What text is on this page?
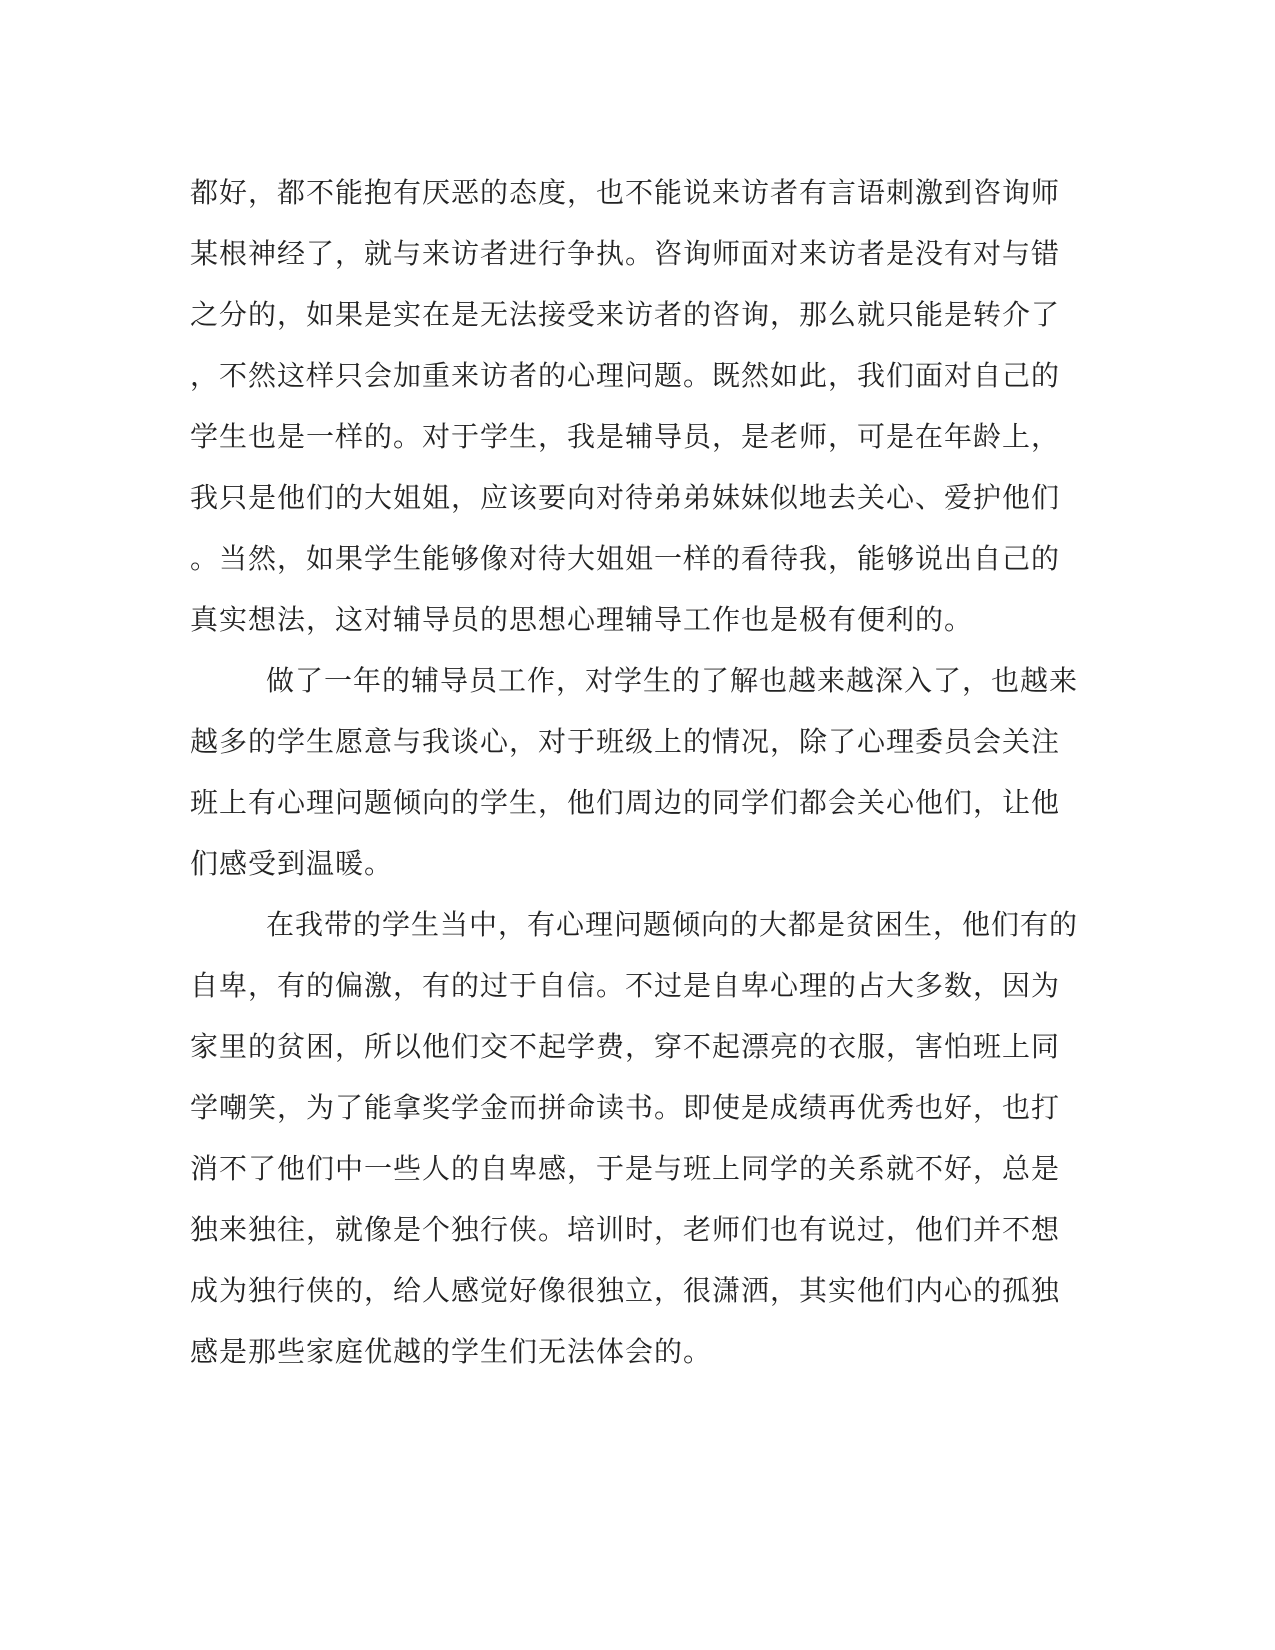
都好，都不能抱有厌恶的态度，也不能说来访者有言语刺激到咨询师
某根神经了，就与来访者进行争执。咨询师面对来访者是没有对与错
之分的，如果是实在是无法接受来访者的咨询，那么就只能是转介了
，不然这样只会加重来访者的心理问题。既然如此，我们面对自己的
学生也是一样的。对于学生，我是辅导员，是老师，可是在年龄上，
我只是他们的大姐姐，应该要向对待弟弟妹妹似地去关心、爱护他们
。当然，如果学生能够像对待大姐姐一样的看待我，能够说出自己的
真实想法，这对辅导员的思想心理辅导工作也是极有便利的。
做了一年的辅导员工作，对学生的了解也越来越深入了，也越来
越多的学生愿意与我谈心，对于班级上的情况，除了心理委员会关注
班上有心理问题倾向的学生，他们周边的同学们都会关心他们，让他
们感受到温暖。
在我带的学生当中，有心理问题倾向的大都是贫困生，他们有的
自卑，有的偏激，有的过于自信。不过是自卑心理的占大多数，因为
家里的贫困，所以他们交不起学费，穿不起漂亮的衣服，害怕班上同
学嘲笑，为了能拿奖学金而拼命读书。即使是成绩再优秀也好，也打
消不了他们中一些人的自卑感，于是与班上同学的关系就不好，总是
独来独往，就像是个独行侠。培训时，老师们也有说过，他们并不想
成为独行侠的，给人感觉好像很独立，很潇洒，其实他们内心的孤独
感是那些家庭优越的学生们无法体会的。
